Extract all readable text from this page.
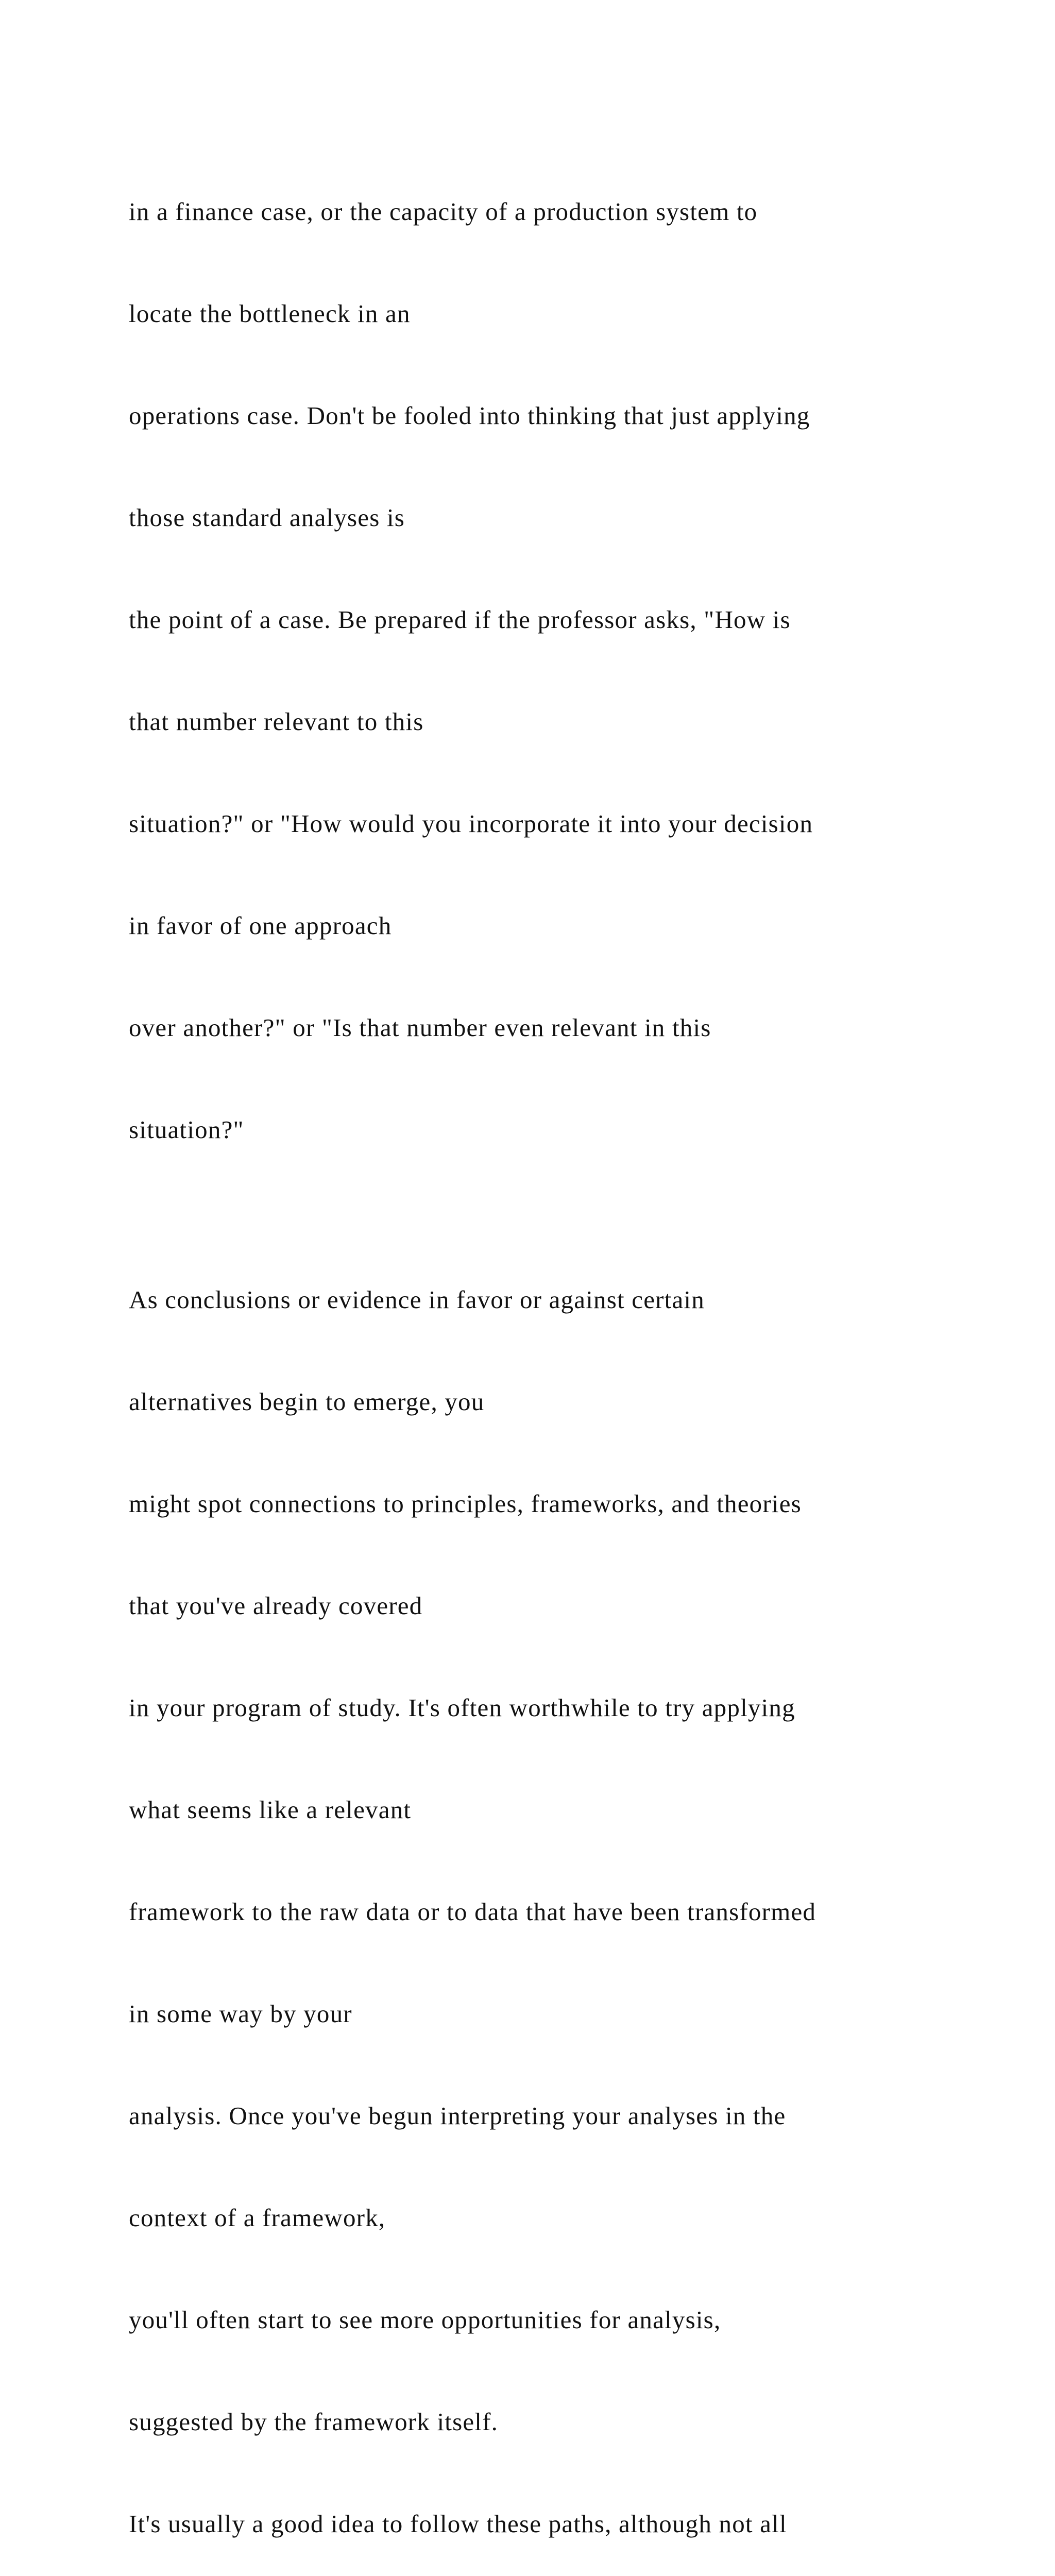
in a finance case, or the capacity of a production system to

locate the bottleneck in an

operations case. Don't be fooled into thinking that just applying

those standard analyses is

the point of a case. Be prepared if the professor asks, "How is

that number relevant to this

situation?" or "How would you incorporate it into your decision

in favor of one approach

over another?" or "Is that number even relevant in this

situation?"

As conclusions or evidence in favor or against certain

alternatives begin to emerge, you

might spot connections to principles, frameworks, and theories

that you've already covered

in your program of study. It's often worthwhile to try applying

what seems like a relevant

framework to the raw data or to data that have been transformed

in some way by your

analysis. Once you've begun interpreting your analyses in the

context of a framework,

you'll often start to see more opportunities for analysis,

suggested by the framework itself.

It's usually a good idea to follow these paths, although not all
